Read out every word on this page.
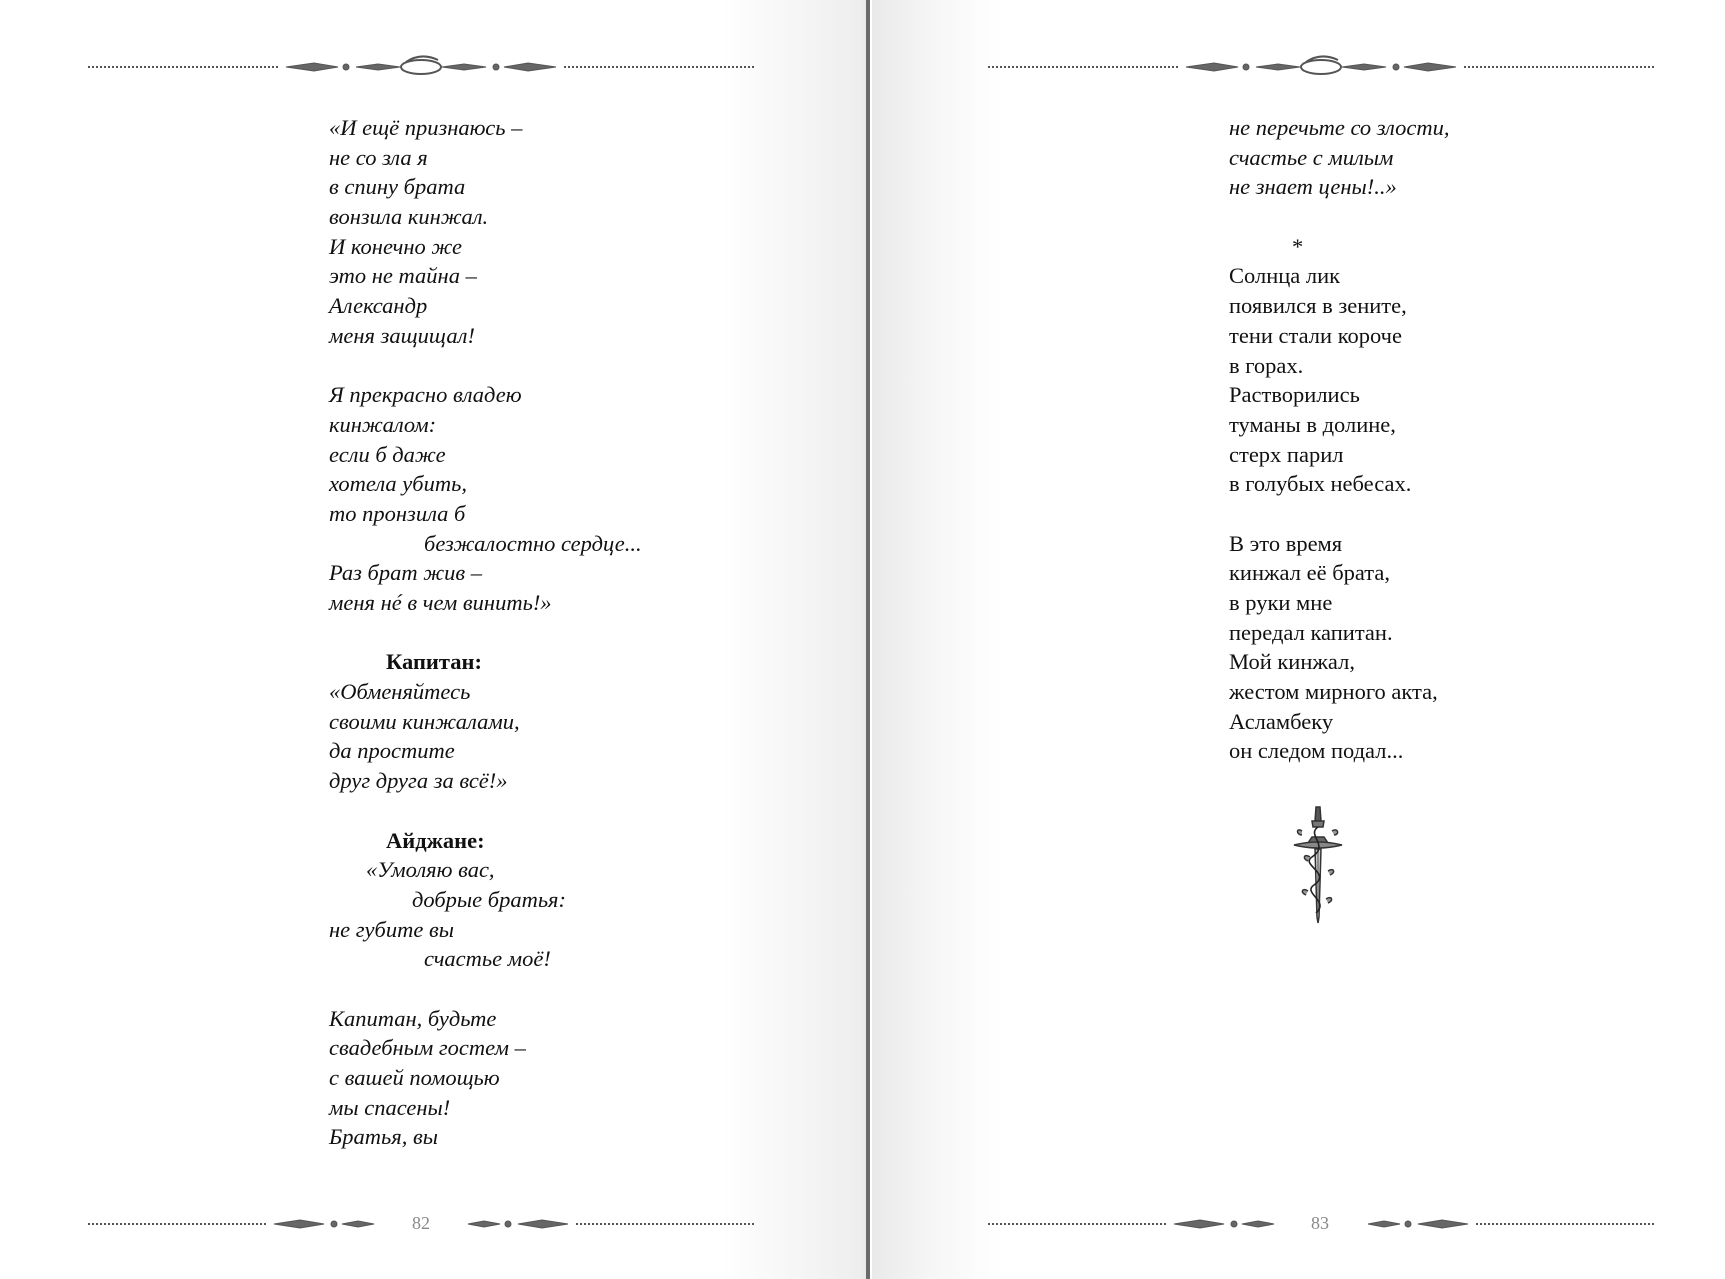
82	83
«И ещё признаюсь –
не со зла я
в спину брата
вонзила кинжал.
И конечно же
это не тайна –
Александр
меня защищал!
Я прекрасно владею
кинжалом:
если б даже
хотела убить,
то пронзила б
безжалостно сердце...
Раз брат жив –
меня нé в чем винить!»
Капитан:
«Обменяйтесь
своими кинжалами,
да простите
друг друга за всё!»
Айджане:
«Умоляю вас,
добрые братья:
не губите вы
счастье моё!
Капитан, будьте
свадебным гостем –
с вашей помощью
мы спасены!
Братья, вы
не перечьте со злости,
счастье с милым
не знает цены!..»
*
Солнца лик
появился в зените,
тени стали короче
в горах.
Растворились
туманы в долине,
стерх парил
в голубых небесах.
В это время
кинжал её брата,
в руки мне
передал капитан.
Мой кинжал,
жестом мирного акта,
Асламбеку
он следом подал...
